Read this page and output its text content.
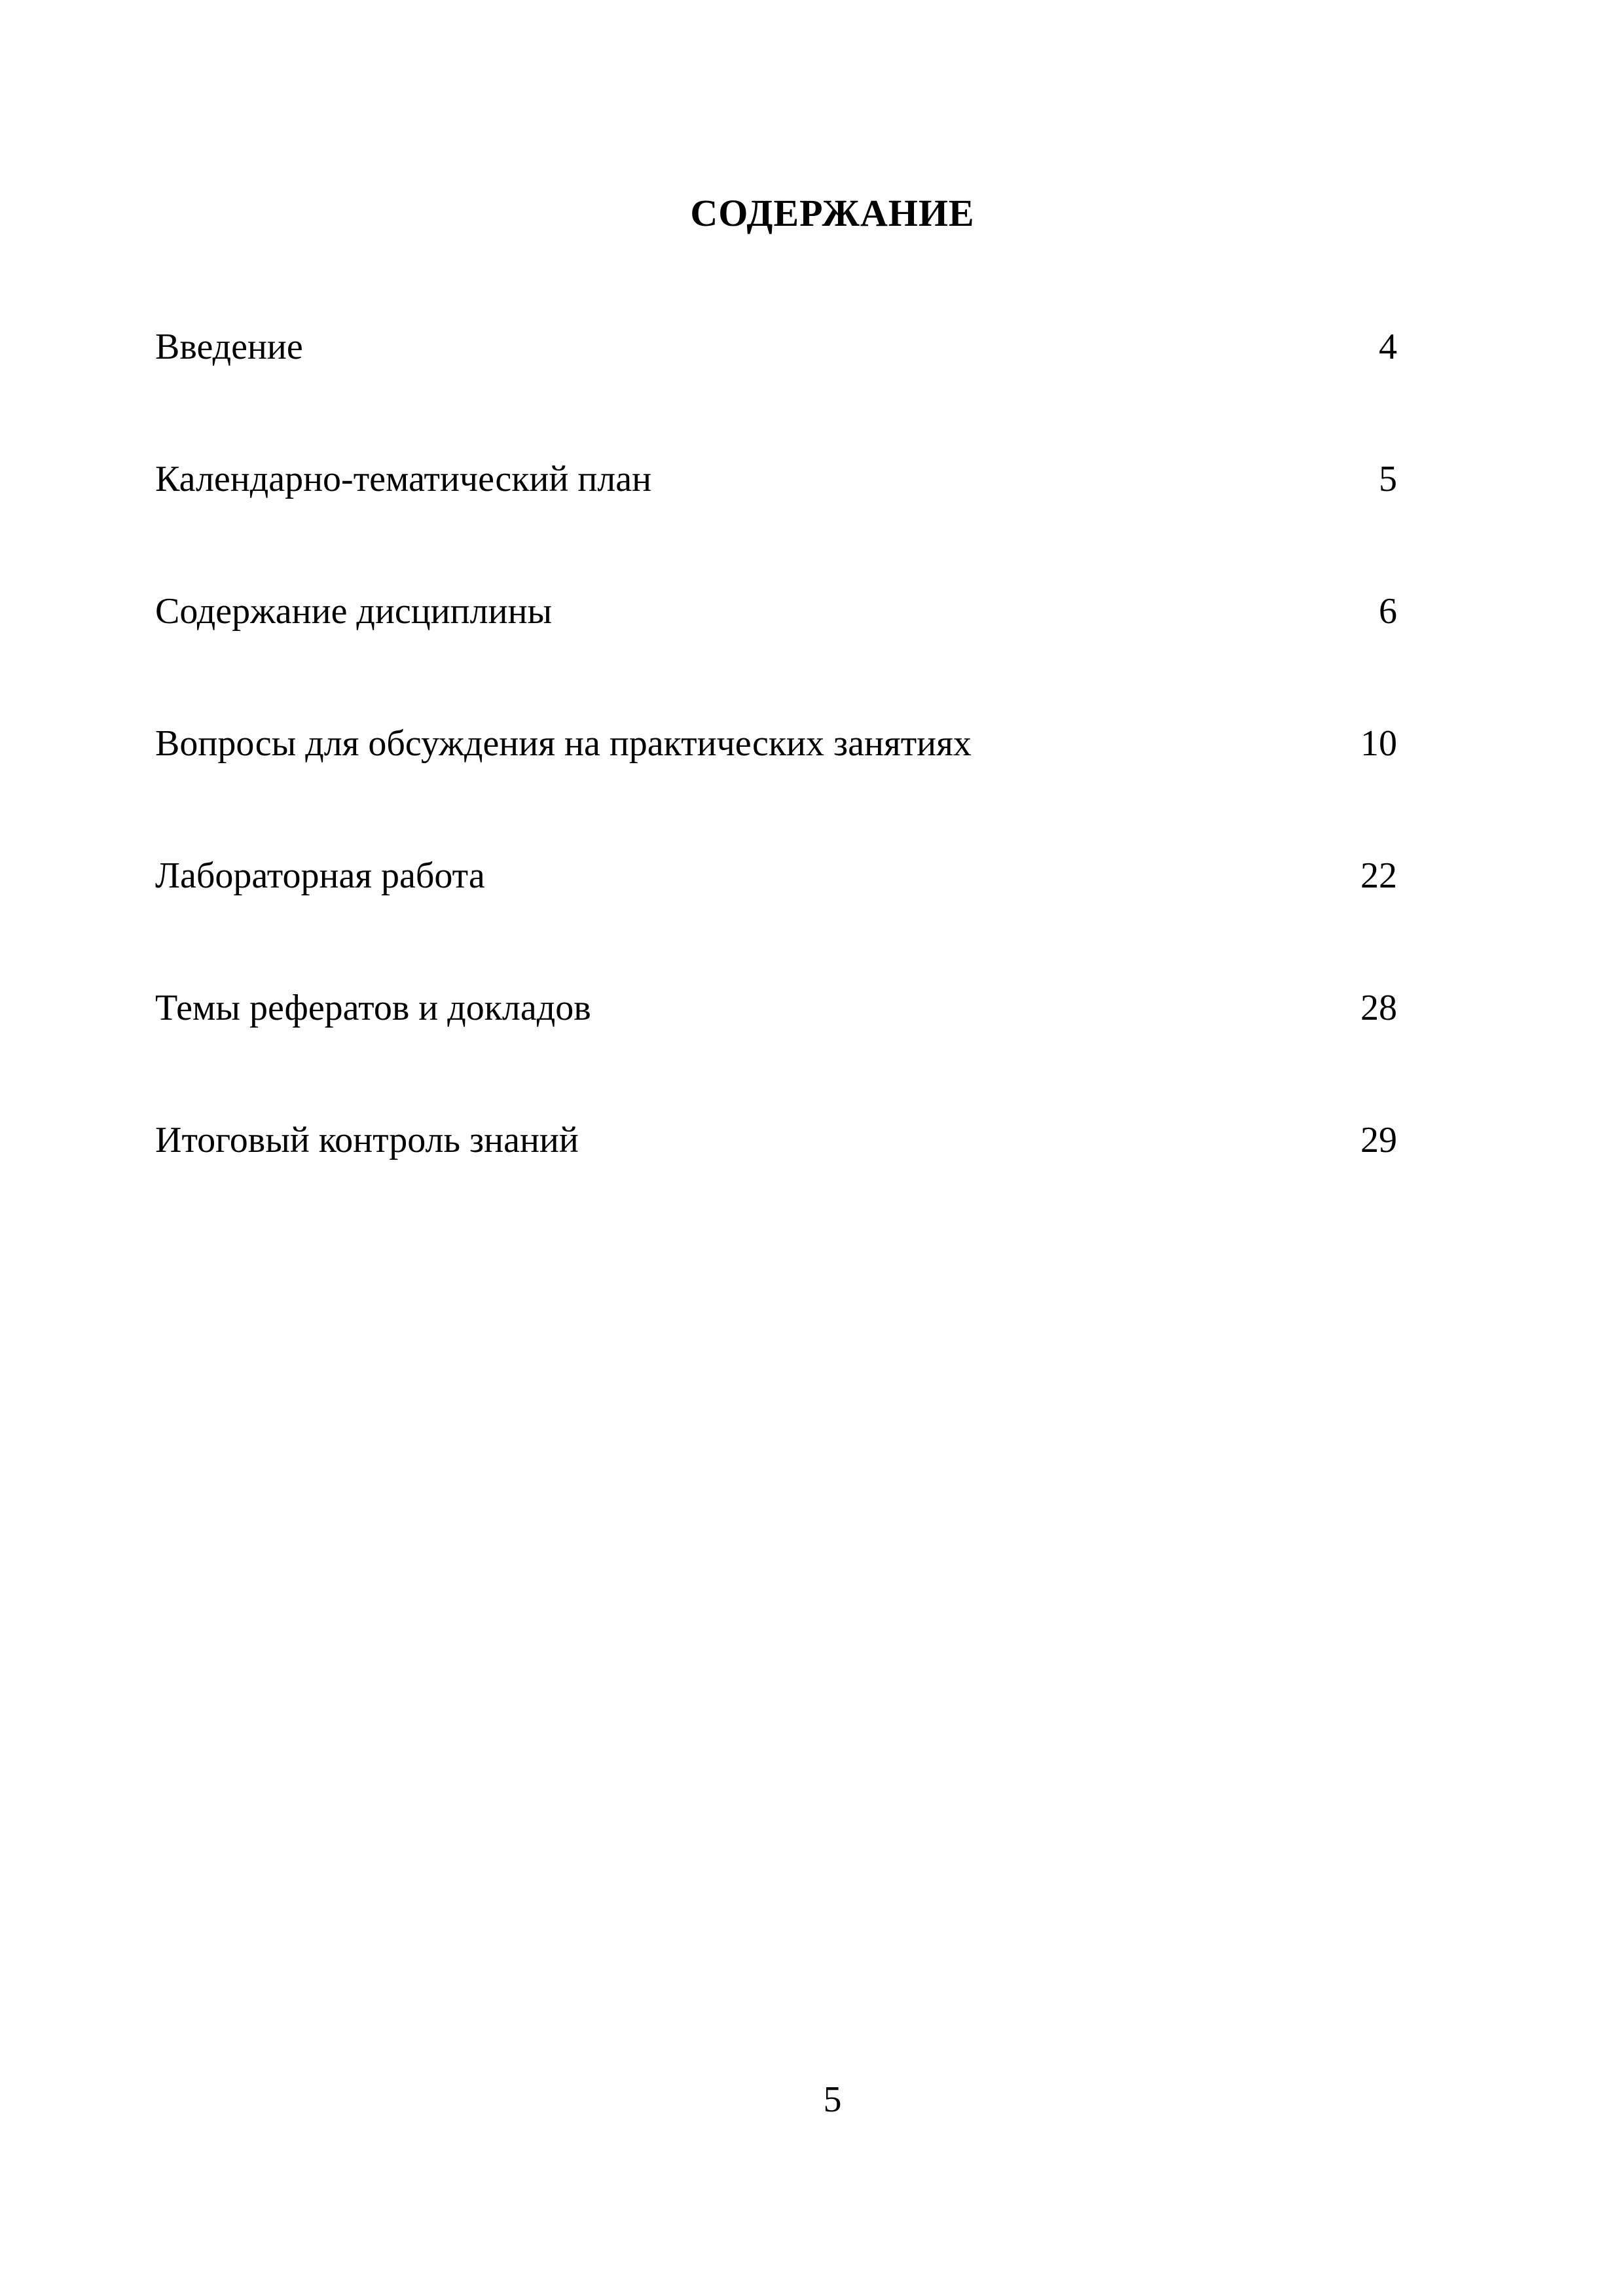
СОДЕРЖАНИЕ
Введение	4
Календарно-тематический план	5
Содержание дисциплины	6
Вопросы для обсуждения на практических занятиях	10
Лабораторная работа	22
Темы рефератов и докладов	28
Итоговый контроль знаний	29
5
